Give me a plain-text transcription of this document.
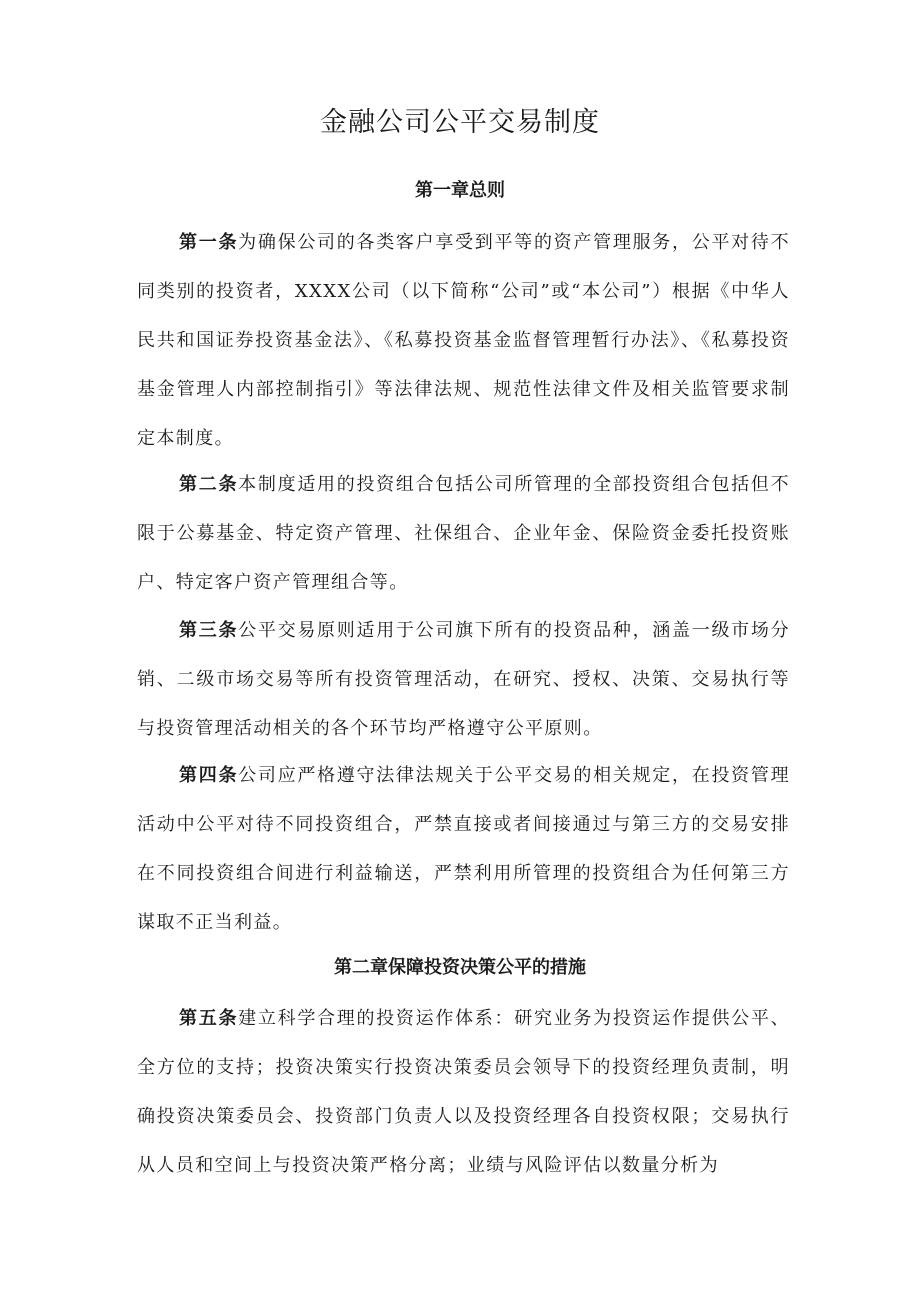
金融公司公平交易制度
第一章总则

第一条为确保公司的各类客户享受到平等的资产管理服务，公平对待不同类别的投资者，XXXX公司（以下简称“公司”或“本公司”）根据《中华人民共和国证券投资基金法》、《私募投资基金监督管理暂行办法》、《私募投资基金管理人内部控制指引》等法律法规、规范性法律文件及相关监管要求制定本制度。

第二条本制度适用的投资组合包括公司所管理的全部投资组合包括但不限于公募基金、特定资产管理、社保组合、企业年金、保险资金委托投资账户、特定客户资产管理组合等。

第三条公平交易原则适用于公司旗下所有的投资品种，涵盖一级市场分销、二级市场交易等所有投资管理活动，在研究、授权、决策、交易执行等与投资管理活动相关的各个环节均严格遵守公平原则。

第四条公司应严格遵守法律法规关于公平交易的相关规定，在投资管理活动中公平对待不同投资组合，严禁直接或者间接通过与第三方的交易安排在不同投资组合间进行利益输送，严禁利用所管理的投资组合为任何第三方谋取不正当利益。

第二章保障投资决策公平的措施

第五条建立科学合理的投资运作体系：研究业务为投资运作提供公平、全方位的支持；投资决策实行投资决策委员会领导下的投资经理负责制，明确投资决策委员会、投资部门负责人以及投资经理各自投资权限；交易执行从人员和空间上与投资决策严格分离；业绩与风险评估以数量分析为
